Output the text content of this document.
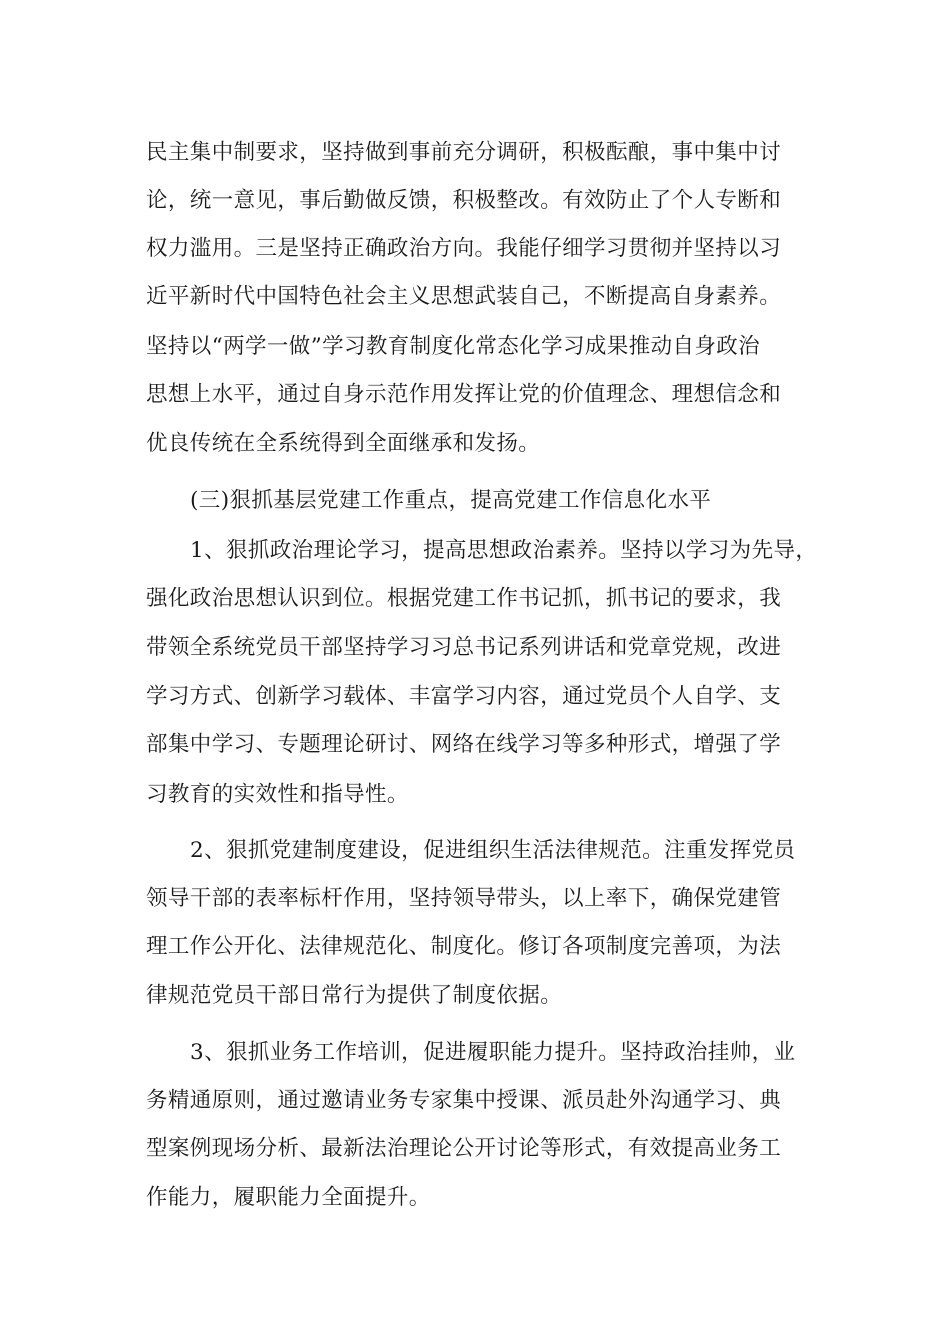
民主集中制要求，坚持做到事前充分调研，积极酝酿，事中集中讨
论，统一意见，事后勤做反馈，积极整改。有效防止了个人专断和
权力滥用。三是坚持正确政治方向。我能仔细学习贯彻并坚持以习
近平新时代中国特色社会主义思想武装自己，不断提高自身素养。
坚持以“两学一做”学习教育制度化常态化学习成果推动自身政治
思想上水平，通过自身示范作用发挥让党的价值理念、理想信念和
优良传统在全系统得到全面继承和发扬。
(三)狠抓基层党建工作重点，提高党建工作信息化水平
1、狠抓政治理论学习，提高思想政治素养。坚持以学习为先导，
强化政治思想认识到位。根据党建工作书记抓，抓书记的要求，我
带领全系统党员干部坚持学习习总书记系列讲话和党章党规，改进
学习方式、创新学习载体、丰富学习内容，通过党员个人自学、支
部集中学习、专题理论研讨、网络在线学习等多种形式，增强了学
习教育的实效性和指导性。
2、狠抓党建制度建设，促进组织生活法律规范。注重发挥党员
领导干部的表率标杆作用，坚持领导带头，以上率下，确保党建管
理工作公开化、法律规范化、制度化。修订各项制度完善项，为法
律规范党员干部日常行为提供了制度依据。
3、狠抓业务工作培训，促进履职能力提升。坚持政治挂帅，业
务精通原则，通过邀请业务专家集中授课、派员赴外沟通学习、典
型案例现场分析、最新法治理论公开讨论等形式，有效提高业务工
作能力，履职能力全面提升。
